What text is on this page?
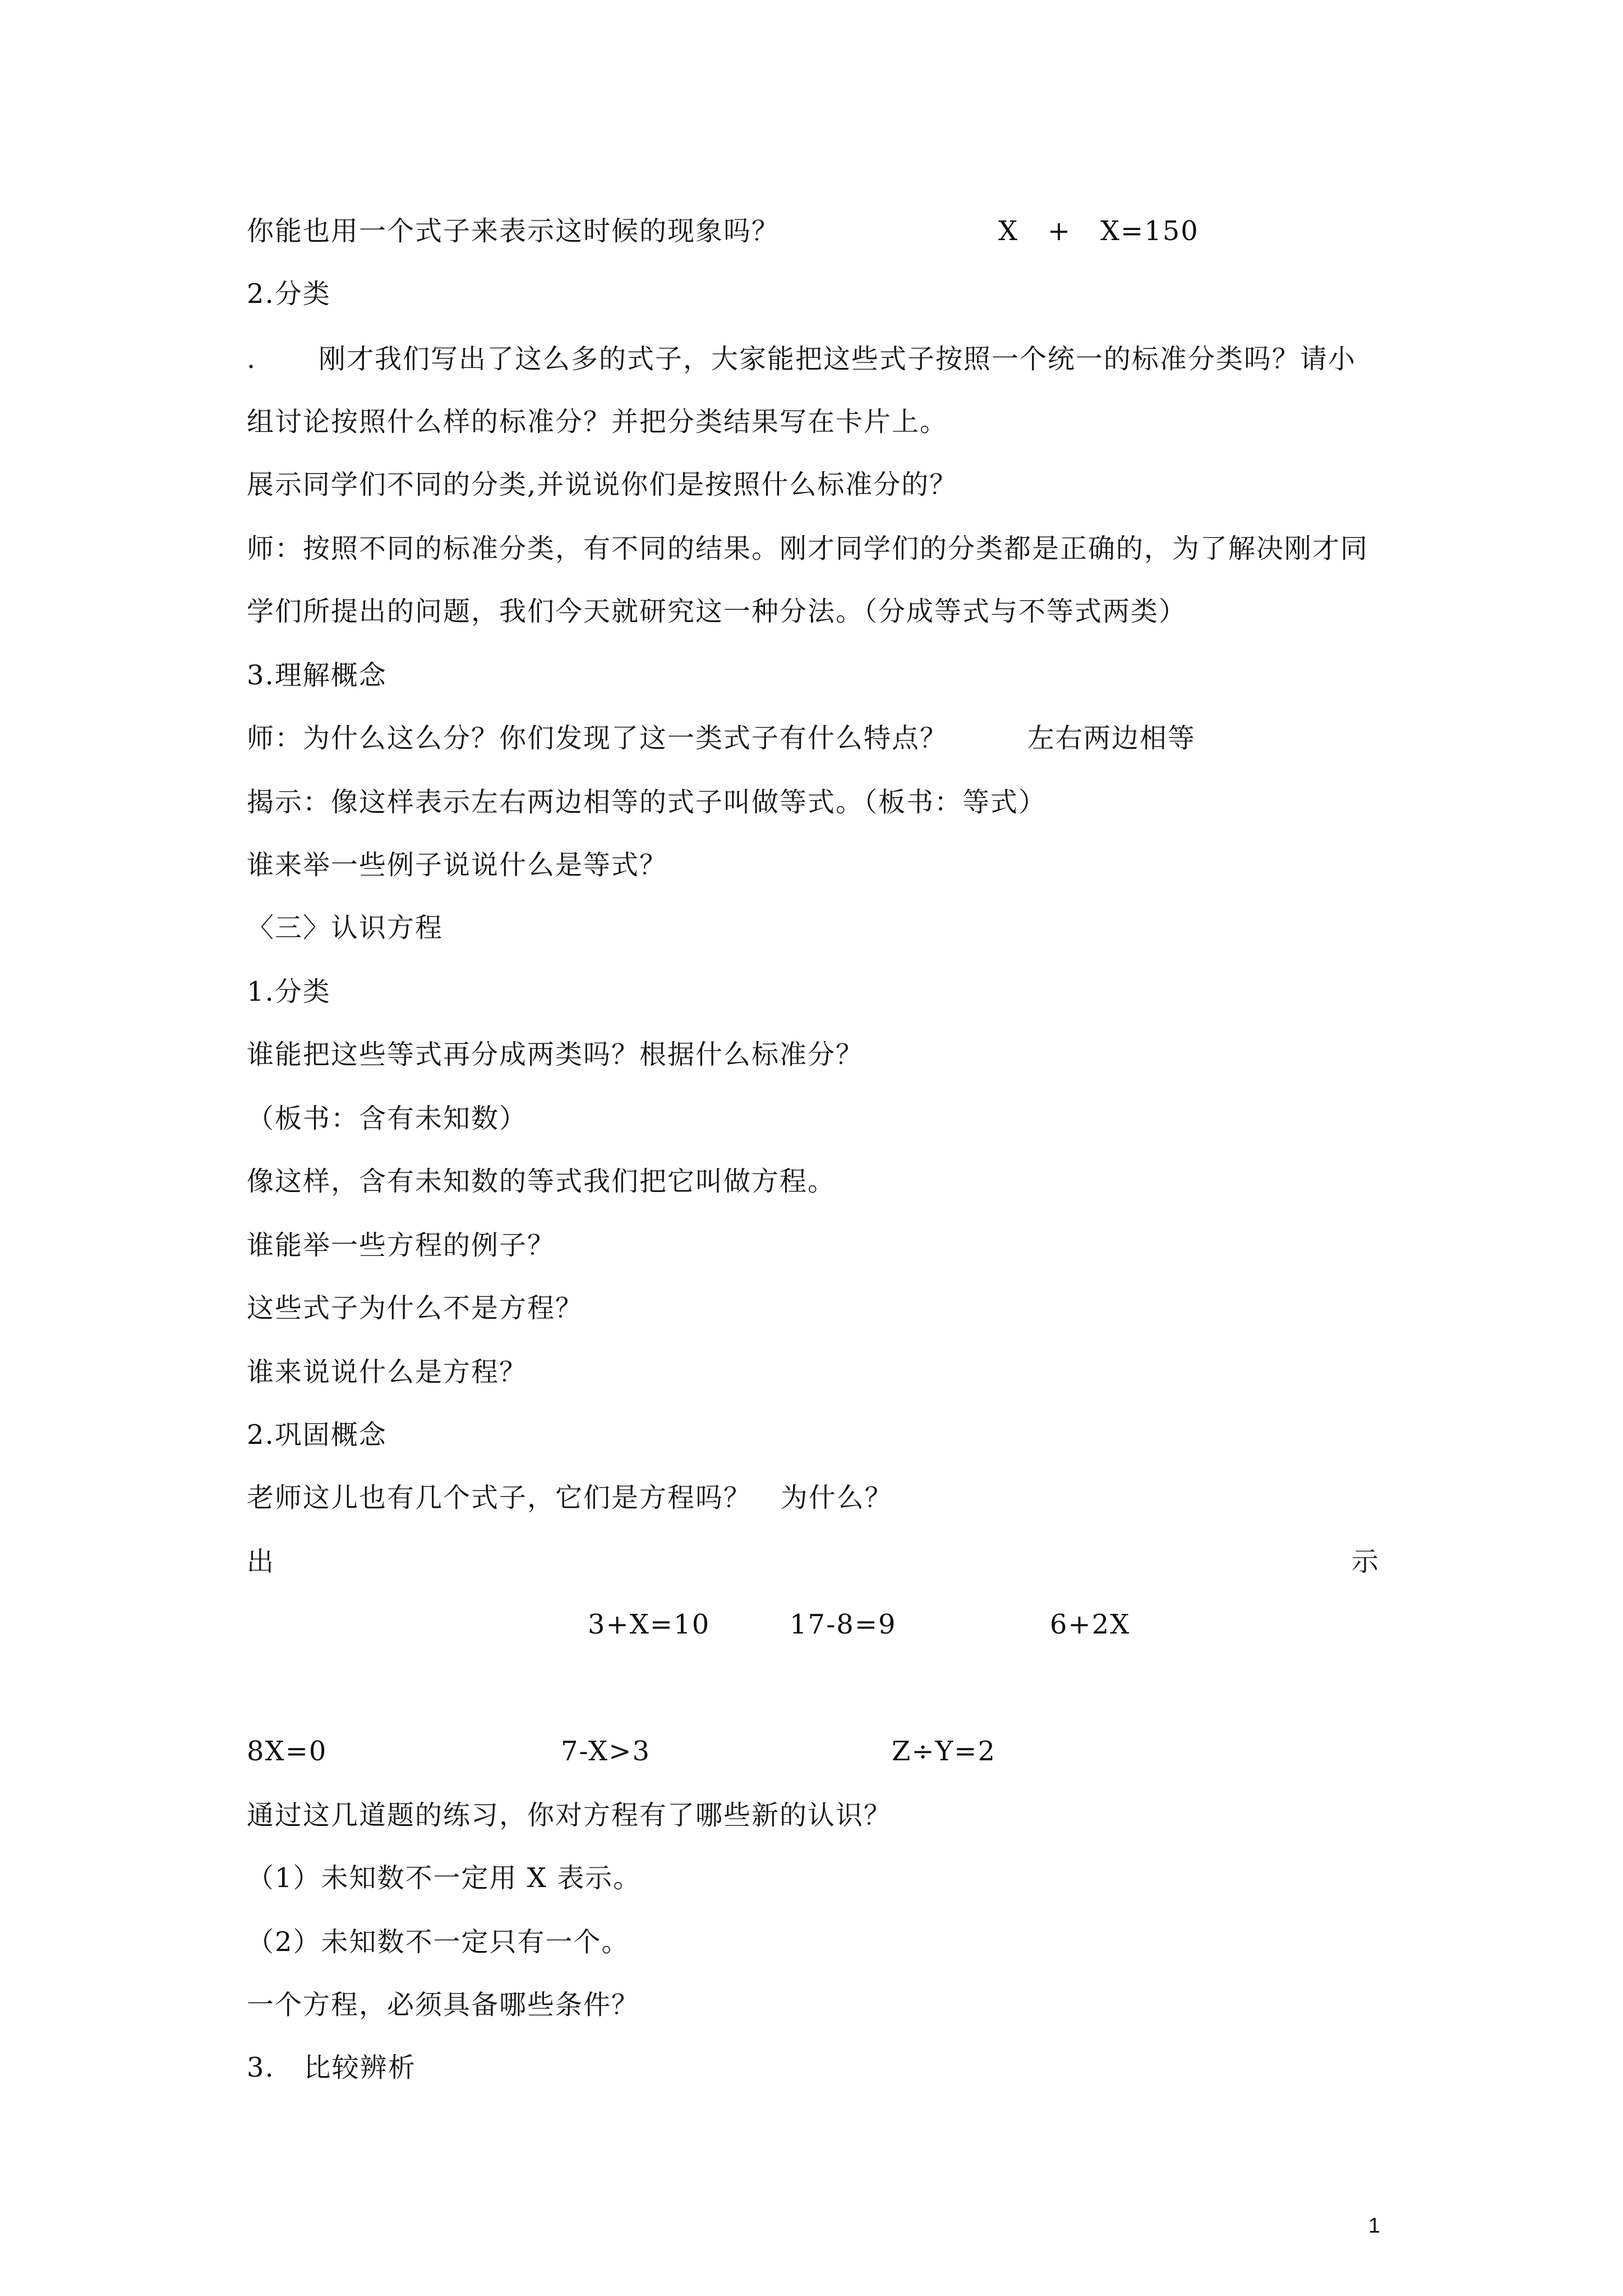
你能也用一个式子来表示这时候的现象吗？	X   +   X=150
2.分类
. 刚才我们写出了这么多的式子，大家能把这些式子按照一个统一的标准分类吗？请小
组讨论按照什么样的标准分？并把分类结果写在卡片上。
展示同学们不同的分类,并说说你们是按照什么标准分的？
师：按照不同的标准分类，有不同的结果。刚才同学们的分类都是正确的，为了解决刚才同
学们所提出的问题，我们今天就研究这一种分法。（分成等式与不等式两类）
3.理解概念
师：为什么这么分？你们发现了这一类式子有什么特点？	左右两边相等
揭示：像这样表示左右两边相等的式子叫做等式。（板书：等式）
谁来举一些例子说说什么是等式？
〈三〉认识方程
1.分类
谁能把这些等式再分成两类吗？根据什么标准分？
（板书：含有未知数）
像这样，含有未知数的等式我们把它叫做方程。
谁能举一些方程的例子？
这些式子为什么不是方程？
谁来说说什么是方程？
2.巩固概念
老师这儿也有几个式子，它们是方程吗？   为什么？
出	示
3+X=10	17-8=9	6+2X
8X=0	7-X>3	Z÷Y=2
通过这几道题的练习，你对方程有了哪些新的认识？
（1）未知数不一定用 X 表示。
（2）未知数不一定只有一个。
一个方程，必须具备哪些条件？
3.   比较辨析
1
